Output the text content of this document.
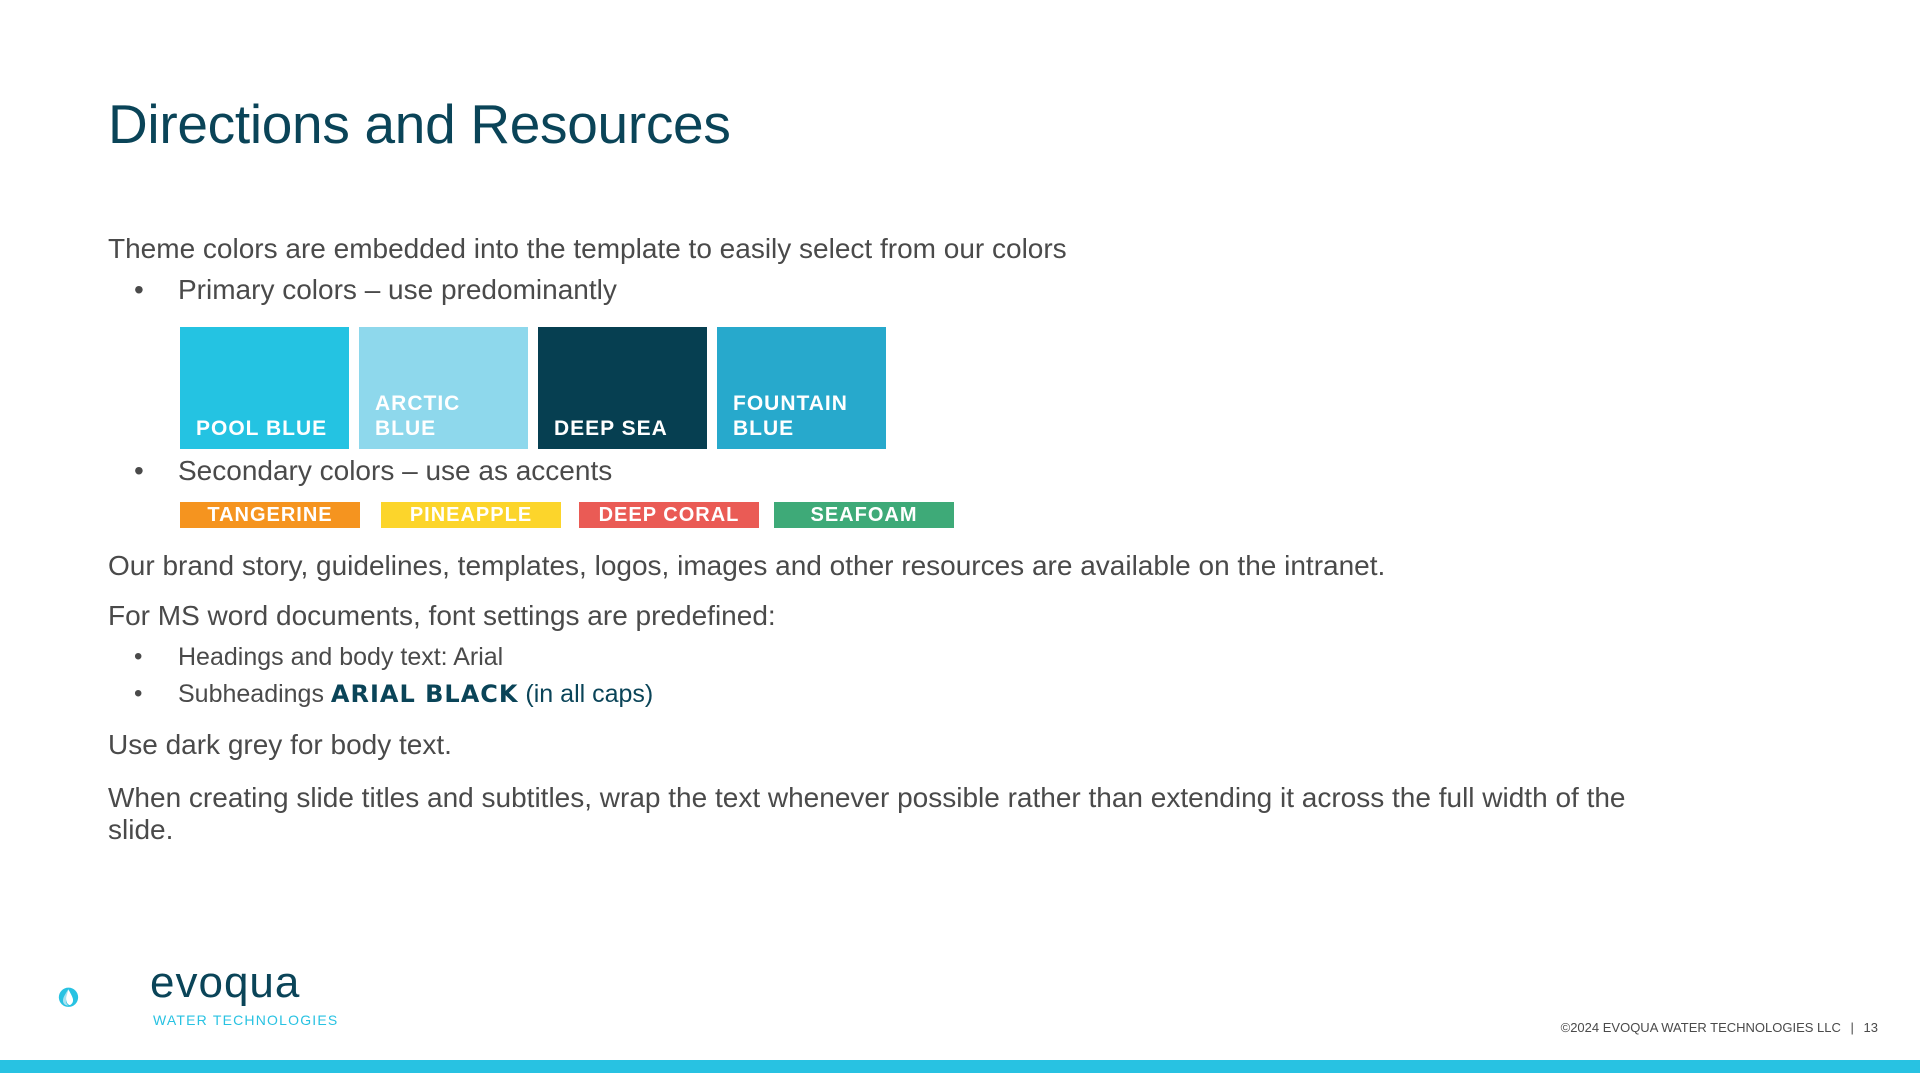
Directions and Resources
Theme colors are embedded into the template to easily select from our colors
• Primary colors – use predominantly
POOL BLUE
ARCTIC BLUE	DEEP SEA
FOUNTAIN BLUE
• Secondary colors – use as accents
TANGERINE	PINEAPPLE	DEEP CORAL	SEAFOAM
Our brand story, guidelines, templates, logos, images and other resources are available on the intranet.
For MS word documents, font settings are predefined:
• Headings and body text: Arial
• Subheadings ARIAL BLACK (in all caps)
Use dark grey for body text.
When creating slide titles and subtitles, wrap the text whenever possible rather than extending it across the full width of the
slide.
evoqua
WATER TECHNOLOGIES	©2024 EVOQUA WATER TECHNOLOGIES LLC | 13
